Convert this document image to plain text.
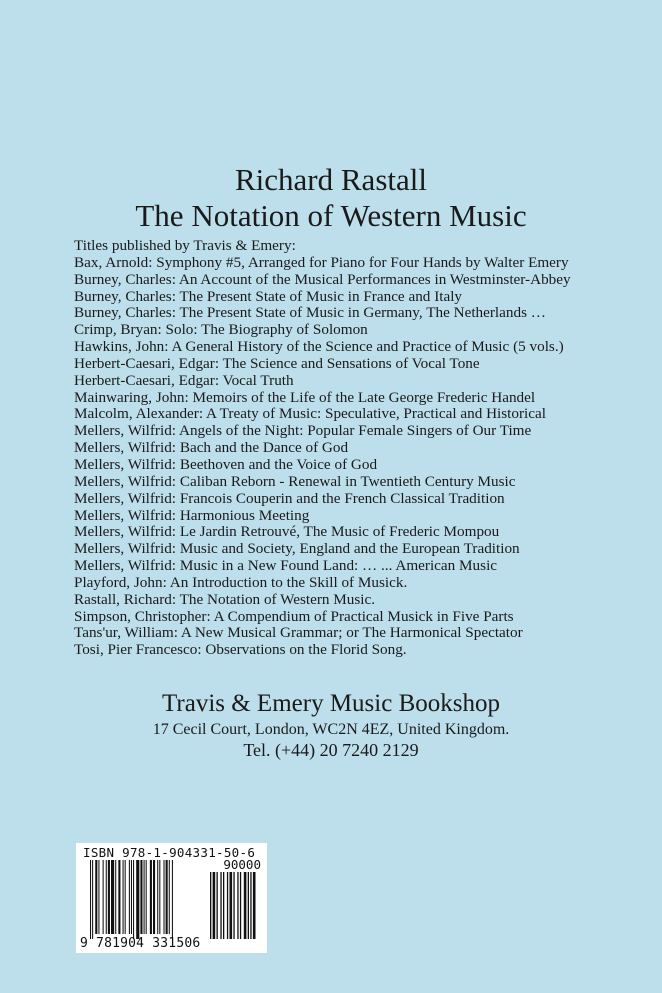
Richard Rastall
The Notation of Western Music
Titles published by Travis & Emery:
Bax, Arnold: Symphony #5, Arranged for Piano for Four Hands by Walter Emery
Burney, Charles: An Account of the Musical Performances in Westminster-Abbey
Burney, Charles: The Present State of Music in France and Italy
Burney, Charles: The Present State of Music in Germany, The Netherlands …
Crimp, Bryan: Solo: The Biography of Solomon
Hawkins, John: A General History of the Science and Practice of Music (5 vols.)
Herbert-Caesari, Edgar: The Science and Sensations of Vocal Tone
Herbert-Caesari, Edgar: Vocal Truth
Mainwaring, John: Memoirs of the Life of the Late George Frederic Handel
Malcolm, Alexander: A Treaty of Music: Speculative, Practical and Historical
Mellers, Wilfrid: Angels of the Night: Popular Female Singers of Our Time
Mellers, Wilfrid: Bach and the Dance of God
Mellers, Wilfrid: Beethoven and the Voice of God
Mellers, Wilfrid: Caliban Reborn - Renewal in Twentieth Century Music
Mellers, Wilfrid: Francois Couperin and the French Classical Tradition
Mellers, Wilfrid: Harmonious Meeting
Mellers, Wilfrid: Le Jardin Retrouvé, The Music of Frederic Mompou
Mellers, Wilfrid: Music and Society, England and the European Tradition
Mellers, Wilfrid: Music in a New Found Land: … ... American Music
Playford, John: An Introduction to the Skill of Musick.
Rastall, Richard: The Notation of Western Music.
Simpson, Christopher: A Compendium of Practical Musick in Five Parts
Tans'ur, William: A New Musical Grammar; or The Harmonical Spectator
Tosi, Pier Francesco: Observations on the Florid Song.
Travis & Emery Music Bookshop
17 Cecil Court, London, WC2N 4EZ, United Kingdom.
Tel. (+44) 20 7240 2129
ISBN 978-1-904331-50-6
90000
9 781904 331506
